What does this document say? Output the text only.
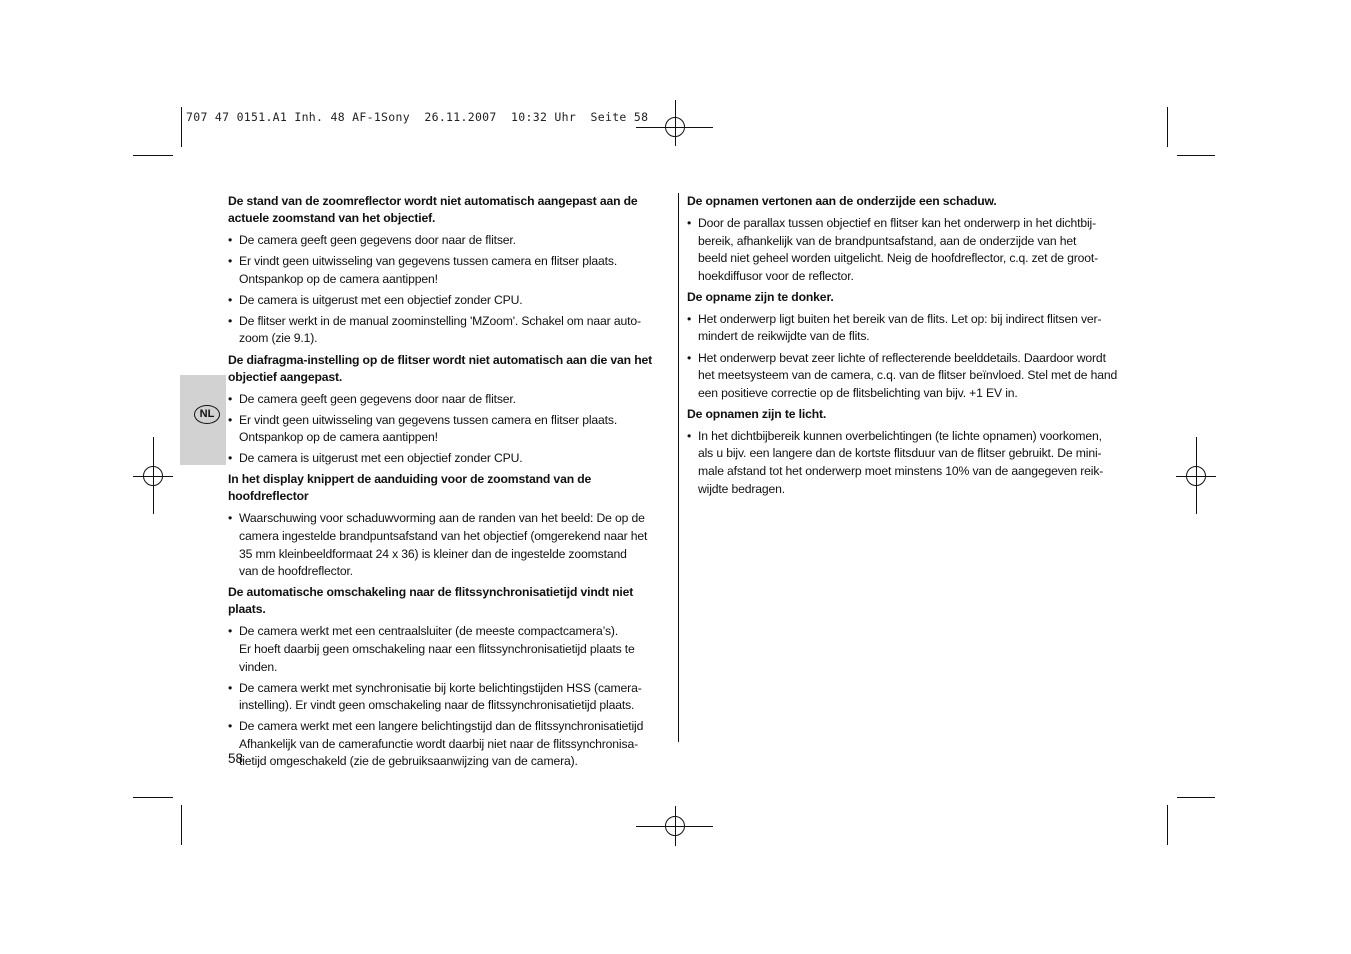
707 47 0151.A1 Inh. 48 AF-1Sony  26.11.2007  10:32 Uhr  Seite 58
NL
De stand van de zoomreflector wordt niet automatisch aangepast aan de
actuele zoomstand van het objectief.
• De camera geeft geen gegevens door naar de flitser.
• Er vindt geen uitwisseling van gegevens tussen camera en flitser plaats.
Ontspankop op de camera aantippen!
• De camera is uitgerust met een objectief zonder CPU.
• De flitser werkt in de manual zoominstelling 'MZoom'. Schakel om naar auto-
zoom (zie 9.1).
De diafragma-instelling op de flitser wordt niet automatisch aan die van het
objectief aangepast.
• De camera geeft geen gegevens door naar de flitser.
• Er vindt geen uitwisseling van gegevens tussen camera en flitser plaats.
Ontspankop op de camera aantippen!
• De camera is uitgerust met een objectief zonder CPU.
In het display knippert de aanduiding voor de zoomstand van de hoofdreflector
• Waarschuwing voor schaduwvorming aan de randen van het beeld: De op de
camera ingestelde brandpuntsafstand van het objectief (omgerekend naar het
35 mm kleinbeeldformaat 24 x 36) is kleiner dan de ingestelde zoomstand
van de hoofdreflector.
De automatische omschakeling naar de flitssynchronisatietijd vindt niet plaats.
• De camera werkt met een centraalsluiter (de meeste compactcamera’s).
Er hoeft daarbij geen omschakeling naar een flitssynchronisatietijd plaats te
vinden.
• De camera werkt met synchronisatie bij korte belichtingstijden HSS (camera-
instelling). Er vindt geen omschakeling naar de flitssynchronisatietijd plaats.
• De camera werkt met een langere belichtingstijd dan de flitssynchronisatietijd
Afhankelijk van de camerafunctie wordt daarbij niet naar de flitssynchronisa-
tietijd omgeschakeld (zie de gebruiksaanwijzing van de camera).
De opnamen vertonen aan de onderzijde een schaduw.
• Door de parallax tussen objectief en flitser kan het onderwerp in het dichtbij-
bereik, afhankelijk van de brandpuntsafstand, aan de onderzijde van het
beeld niet geheel worden uitgelicht. Neig de hoofdreflector, c.q. zet de groot-
hoekdiffusor voor de reflector.
De opname zijn te donker.
• Het onderwerp ligt buiten het bereik van de flits. Let op: bij indirect flitsen ver-
mindert de reikwijdte van de flits.
• Het onderwerp bevat zeer lichte of reflecterende beelddetails. Daardoor wordt
het meetsysteem van de camera, c.q. van de flitser beïnvloed. Stel met de hand
een positieve correctie op de flitsbelichting van bijv. +1 EV in.
De opnamen zijn te licht.
• In het dichtbijbereik kunnen overbelichtingen (te lichte opnamen) voorkomen,
als u bijv. een langere dan de kortste flitsduur van de flitser gebruikt. De mini-
male afstand tot het onderwerp moet minstens 10% van de aangegeven reik-
wijdte bedragen.
58
